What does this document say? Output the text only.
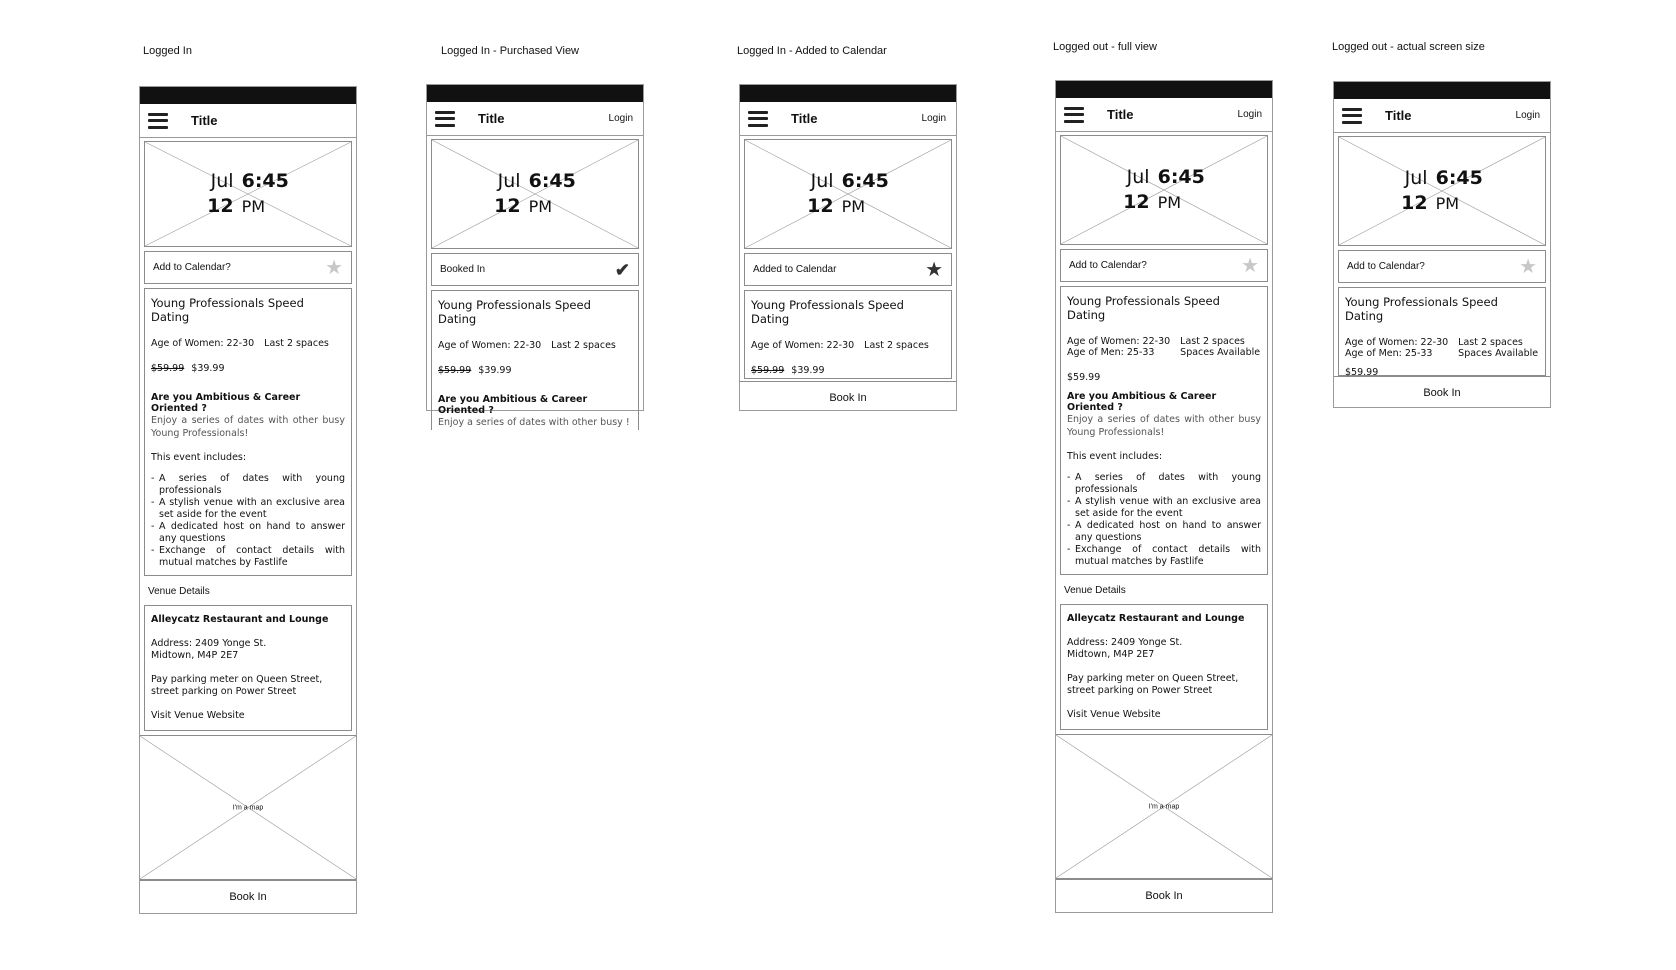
Logged In	Logged In - Purchased View	Logged In - Added to Calendar	Logged out - full view	Logged out - actual screen size
Title
Jul 6:45
12 PM
Add to Calendar?	★
Young Professionals Speed Dating
Age of Women: 22-30 Last 2 spaces
$59.99 $39.99
Are you Ambitious & Career Oriented ?
Enjoy a series of dates with other busy Young Professionals!
This event includes:
- A series of dates with young professionals
- A stylish venue with an exclusive area set aside for the event
- A dedicated host on hand to answer any questions
- Exchange of contact details with mutual matches by Fastlife
Venue Details
Alleycatz Restaurant and Lounge
Address: 2409 Yonge St.
Midtown, M4P 2E7
Pay parking meter on Queen Street, street parking on Power Street
Visit Venue Website
I'm a map
Book In
Title	Login
Jul 6:45
12 PM
Booked In	✔
Young Professionals Speed Dating
Age of Women: 22-30 Last 2 spaces
$59.99 $39.99
Are you Ambitious & Career Oriented ?
Enjoy a series of dates with other busy !
Title	Login
Jul 6:45
12 PM
Added to Calendar	★
Young Professionals Speed Dating
Age of Women: 22-30 Last 2 spaces
$59.99 $39.99
Book In
Title	Login
Jul 6:45
12 PM
Add to Calendar?	★
Young Professionals Speed Dating
Age of Women: 22-30 Last 2 spaces
Age of Men: 25-33	Spaces Available
$59.99
Are you Ambitious & Career Oriented ?
Enjoy a series of dates with other busy Young Professionals!
This event includes:
- A series of dates with young professionals
- A stylish venue with an exclusive area set aside for the event
- A dedicated host on hand to answer any questions
- Exchange of contact details with mutual matches by Fastlife
Venue Details
Alleycatz Restaurant and Lounge
Address: 2409 Yonge St.
Midtown, M4P 2E7
Pay parking meter on Queen Street, street parking on Power Street
Visit Venue Website
I'm a map
Book In
Title	Login
Jul 6:45
12 PM
Add to Calendar?	★
Young Professionals Speed Dating
Age of Women: 22-30 Last 2 spaces
Age of Men: 25-33	Spaces Available
$59.99
Book In
